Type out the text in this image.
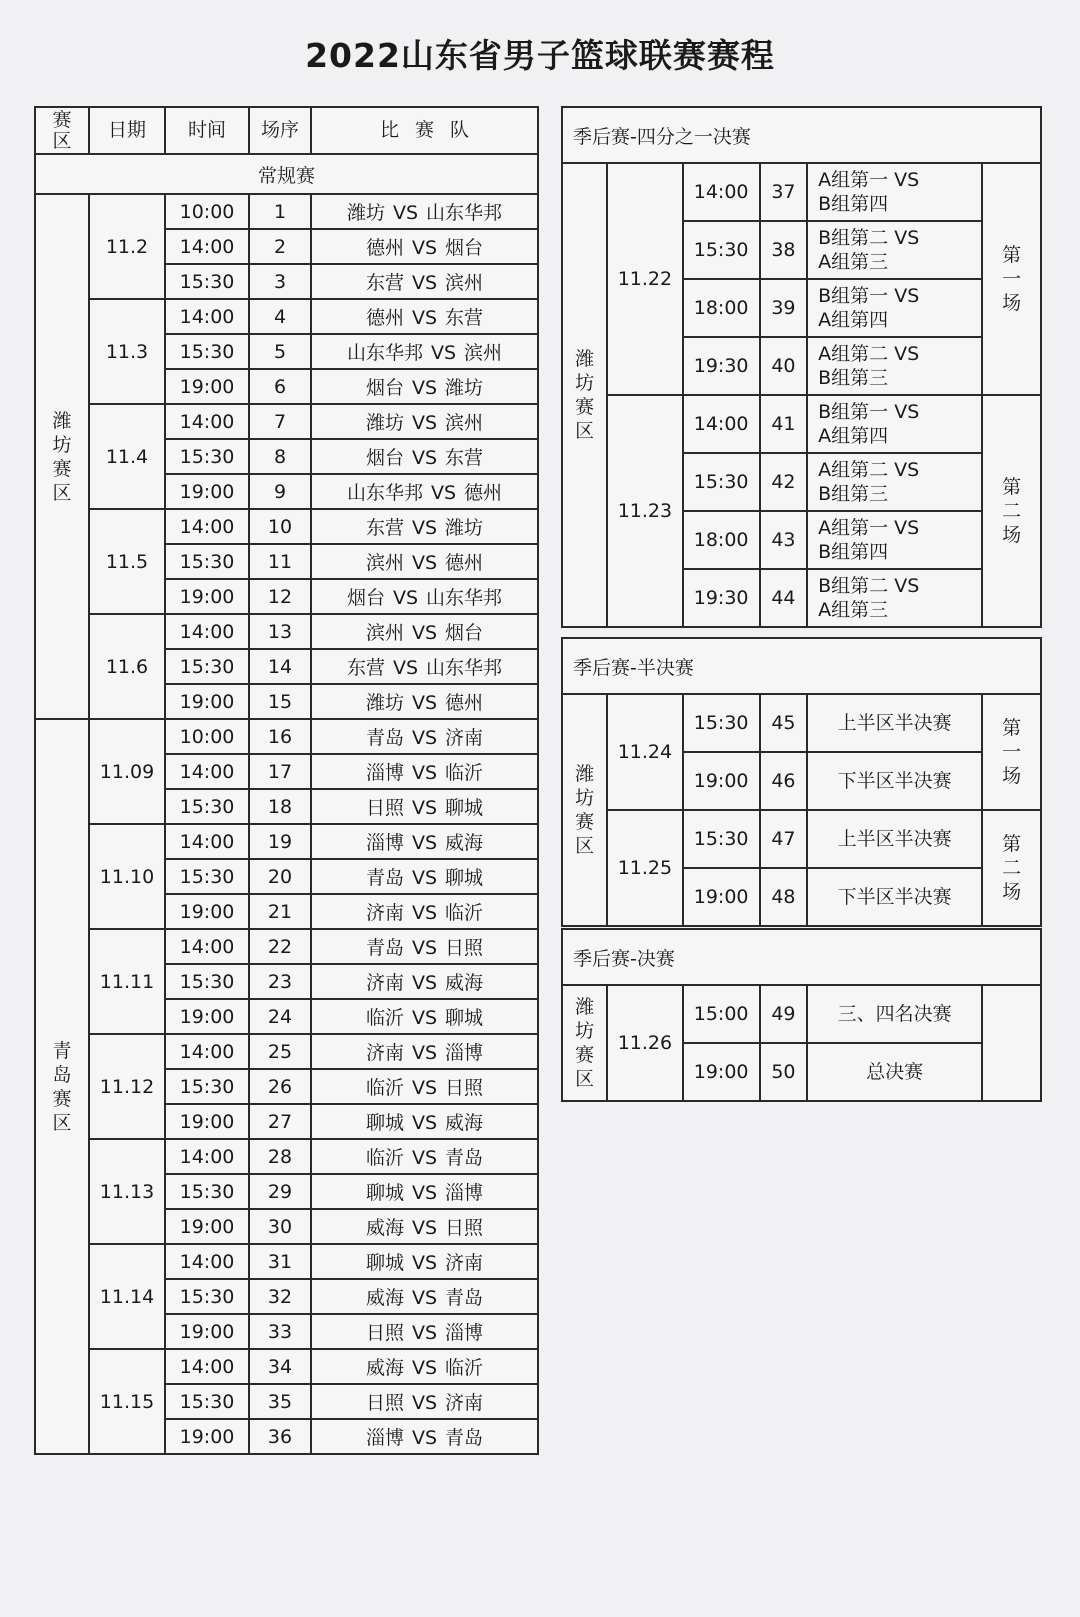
2022山东省男子篮球联赛赛程
赛区	日期	时间	场序	比 赛 队
常规赛				
潍坊赛区	11.2	10:00	1	潍坊 VS 山东华邦
		14:00	2	德州 VS 烟台
		15:30	3	东营 VS 滨州
	11.3	14:00	4	德州 VS 东营
		15:30	5	山东华邦 VS 滨州
		19:00	6	烟台 VS 潍坊
	11.4	14:00	7	潍坊 VS 滨州
		15:30	8	烟台 VS 东营
		19:00	9	山东华邦 VS 德州
	11.5	14:00	10	东营 VS 潍坊
		15:30	11	滨州 VS 德州
		19:00	12	烟台 VS 山东华邦
	11.6	14:00	13	滨州 VS 烟台
		15:30	14	东营 VS 山东华邦
		19:00	15	潍坊 VS 德州
青岛赛区	11.09	10:00	16	青岛 VS 济南
		14:00	17	淄博 VS 临沂
		15:30	18	日照 VS 聊城
	11.10	14:00	19	淄博 VS 威海
		15:30	20	青岛 VS 聊城
		19:00	21	济南 VS 临沂
	11.11	14:00	22	青岛 VS 日照
		15:30	23	济南 VS 威海
		19:00	24	临沂 VS 聊城
	11.12	14:00	25	济南 VS 淄博
		15:30	26	临沂 VS 日照
		19:00	27	聊城 VS 威海
	11.13	14:00	28	临沂 VS 青岛
		15:30	29	聊城 VS 淄博
		19:00	30	威海 VS 日照
	11.14	14:00	31	聊城 VS 济南
		15:30	32	威海 VS 青岛
		19:00	33	日照 VS 淄博
	11.15	14:00	34	威海 VS 临沂
		15:30	35	日照 VS 济南
		19:00	36	淄博 VS 青岛
季后赛-四分之一决赛					
潍坊赛区	11.22	14:00	37	A组第一 VS
B组第四	第一场
		15:30	38	B组第二 VS
A组第三	

		18:00	39	B组第一 VS
A组第四	

		19:30	40	A组第二 VS
B组第三	

	11.23	14:00	41	B组第一 VS
A组第四	第二场
		15:30	42	A组第二 VS
B组第三	

		18:00	43	A组第一 VS
B组第四	

		19:30	44	B组第二 VS
A组第三	
季后赛-半决赛					
潍坊赛区	11.24	15:30	45	上半区半决赛	第一场
		19:00	46	下半区半决赛	

	11.25	15:30	47	上半区半决赛	第二场
		19:00	48	下半区半决赛	
季后赛-决赛					
潍坊赛区	11.26	15:00	49	三、四名决赛	

		19:00	50	总决赛	
